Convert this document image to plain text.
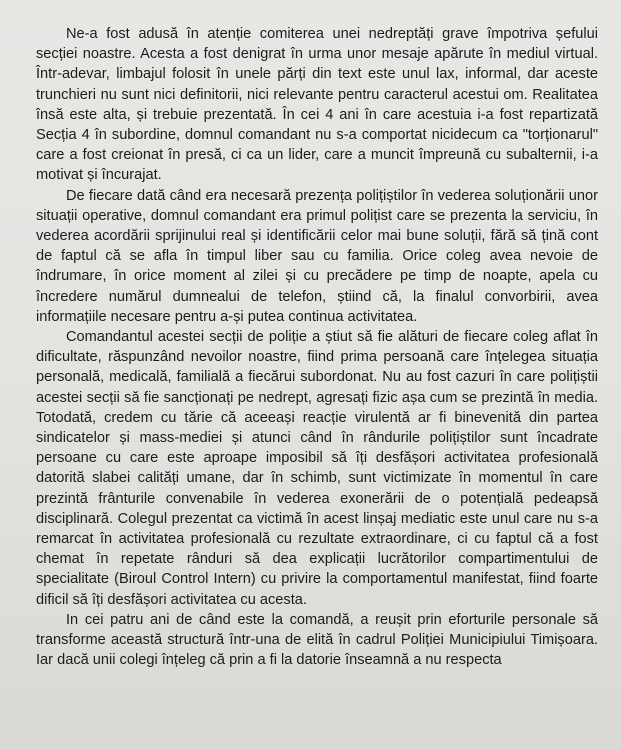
Ne-a fost adusă în atenție comiterea unei nedreptăți grave împotriva șefului secției noastre. Acesta a fost denigrat în urma unor mesaje apărute în mediul virtual. Într-adevar, limbajul folosit în unele părți din text este unul lax, informal, dar aceste trunchieri nu sunt nici definitorii, nici relevante pentru caracterul acestui om. Realitatea însă este alta, și trebuie prezentată. În cei 4 ani în care acestuia i-a fost repartizată Secția 4 în subordine, domnul comandant nu s-a comportat nicidecum ca "torționarul" care a fost creionat în presă, ci ca un lider, care a muncit împreună cu subalternii, i-a motivat și încurajat.

De fiecare dată când era necesară prezența polițiștilor în vederea soluționării unor situații operative, domnul comandant era primul polițist care se prezenta la serviciu, în vederea acordării sprijinului real și identificării celor mai bune soluții, fără să țină cont de faptul că se afla în timpul liber sau cu familia. Orice coleg avea nevoie de îndrumare, în orice moment al zilei și cu precădere pe timp de noapte, apela cu încredere numărul dumnealui de telefon, știind că, la finalul convorbirii, avea informațiile necesare pentru a-și putea continua activitatea.

Comandantul acestei secții de poliție a știut să fie alături de fiecare coleg aflat în dificultate, răspunzând nevoilor noastre, fiind prima persoană care înțelegea situația personală, medicală, familială a fiecărui subordonat. Nu au fost cazuri în care polițiștii acestei secții să fie sancționați pe nedrept, agresați fizic așa cum se prezintă în media. Totodată, credem cu tărie că aceeași reacție virulentă ar fi binevenită din partea sindicatelor și mass-mediei și atunci când în rândurile polițiștilor sunt încadrate persoane cu care este aproape imposibil să îți desfășori activitatea profesională datorită slabei calități umane, dar în schimb, sunt victimizate în momentul în care prezintă frânturile convenabile în vederea exonerării de o potențială pedeapsă disciplinară. Colegul prezentat ca victimă în acest linșaj mediatic este unul care nu s-a remarcat în activitatea profesională cu rezultate extraordinare, ci cu faptul că a fost chemat în repetate rânduri să dea explicații lucrătorilor compartimentului de specialitate (Biroul Control Intern) cu privire la comportamentul manifestat, fiind foarte dificil să îți desfășori activitatea cu acesta.

In cei patru ani de când este la comandă, a reușit prin eforturile personale să transforme această structură într-una de elită în cadrul Poliției Municipiului Timișoara. Iar dacă unii colegi înțeleg că prin a fi la datorie înseamnă a nu respecta
